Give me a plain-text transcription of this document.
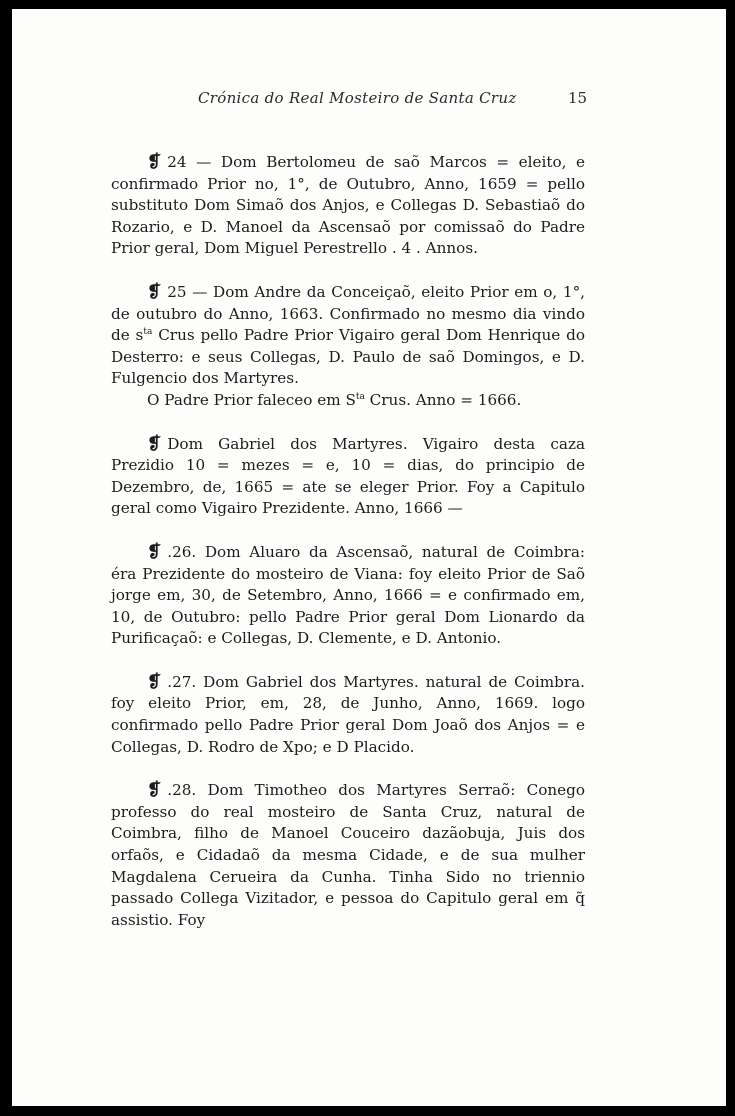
Crónica do Real Mosteiro de Santa Cruz	15

❡ 24 — Dom Bertolomeu de saõ Marcos = eleito, e confirmado Prior no, 1°, de Outubro, Anno, 1659 = pello substituto Dom Simaõ dos Anjos, e Collegas D. Sebastiaõ do Rozario, e D. Manoel da Ascensaõ por comissaõ do Padre Prior geral, Dom Miguel Perestrello . 4 . Annos.

❡ 25 — Dom Andre da Conceiçaõ, eleito Prior em o, 1°, de outubro do Anno, 1663. Confirmado no mesmo dia vindo de $s^{ta}$ Crus pello Padre Prior Vigairo geral Dom Henrique do Desterro: e seus Collegas, D. Paulo de saõ Domingos, e D. Fulgencio dos Martyres.

O Padre Prior faleceo em $S^{ta}$ Crus. Anno = 1666.

❡ Dom Gabriel dos Martyres. Vigairo desta caza Prezidio 10 = mezes = e, 10 = dias, do principio de Dezembro, de, 1665 = ate se eleger Prior. Foy a Capitulo geral como Vigairo Prezidente. Anno, 1666 —

❡ .26. Dom Aluaro da Ascensaõ, natural de Coimbra: éra Prezidente do mosteiro de Viana: foy eleito Prior de Saõ jorge em, 30, de Setembro, Anno, 1666 = e confirmado em, 10, de Outubro: pello Padre Prior geral Dom Lionardo da Purificaçaõ: e Collegas, D. Clemente, e D. Antonio.

❡ .27. Dom Gabriel dos Martyres. natural de Coimbra. foy eleito Prior, em, 28, de Junho, Anno, 1669. logo confirmado pello Padre Prior geral Dom Joaõ dos Anjos = e Collegas, D. Rodro de Xpo; e D Placido.

❡ .28. Dom Timotheo dos Martyres Serraõ: Conego professo do real mosteiro de Santa Cruz, natural de Coimbra, filho de Manoel Couceiro dazãobuja, Juis dos orfaõs, e Cidadaõ da mesma Cidade, e de sua mulher Magdalena Cerueira da Cunha. Tinha Sido no triennio passado Collega Vizitador, e pessoa do Capitulo geral em q̃ assistio. Foy
